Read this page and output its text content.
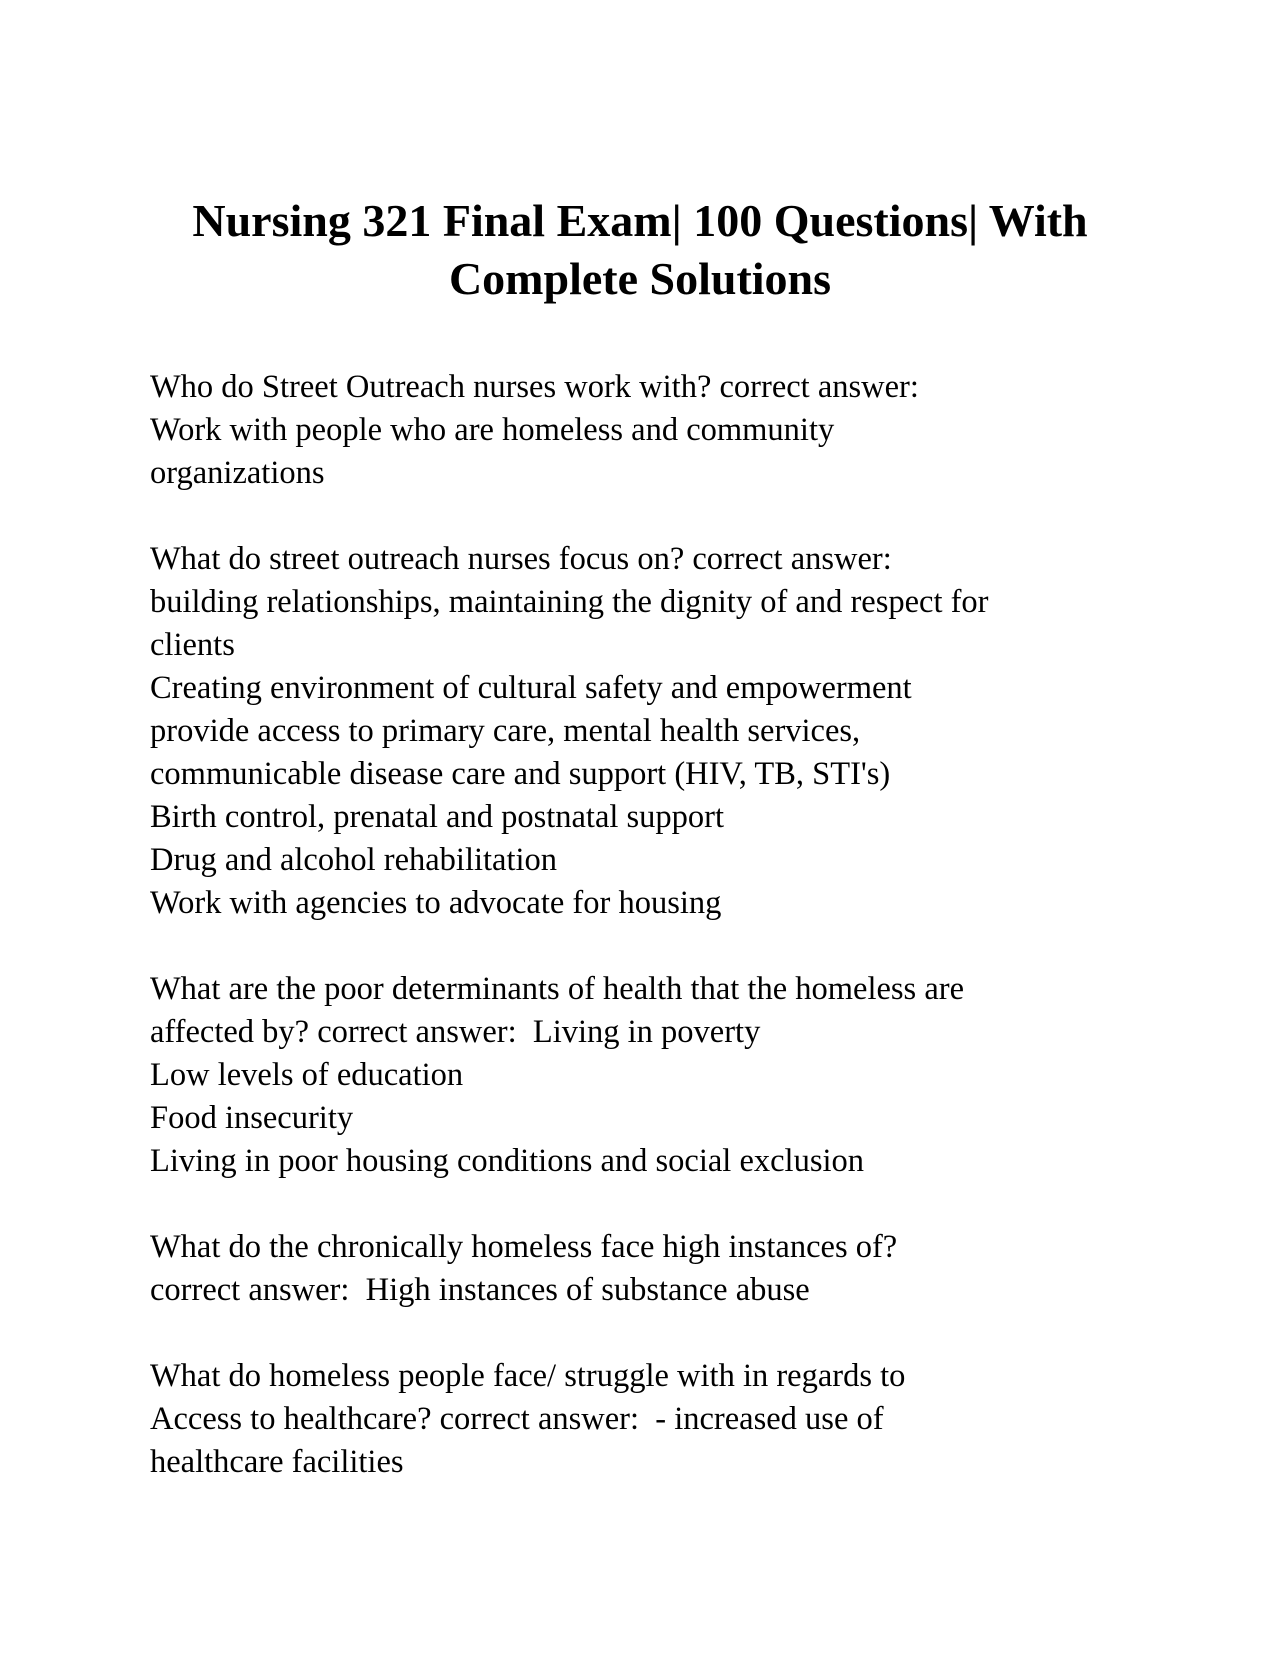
Nursing 321 Final Exam| 100 Questions| With
Complete Solutions
Who do Street Outreach nurses work with? correct answer:
Work with people who are homeless and community
organizations
What do street outreach nurses focus on? correct answer:
building relationships, maintaining the dignity of and respect for
clients
Creating environment of cultural safety and empowerment
provide access to primary care, mental health services,
communicable disease care and support (HIV, TB, STI's)
Birth control, prenatal and postnatal support
Drug and alcohol rehabilitation
Work with agencies to advocate for housing
What are the poor determinants of health that the homeless are
affected by? correct answer:  Living in poverty
Low levels of education
Food insecurity
Living in poor housing conditions and social exclusion
What do the chronically homeless face high instances of?
correct answer:  High instances of substance abuse
What do homeless people face/ struggle with in regards to
Access to healthcare? correct answer:  - increased use of
healthcare facilities
